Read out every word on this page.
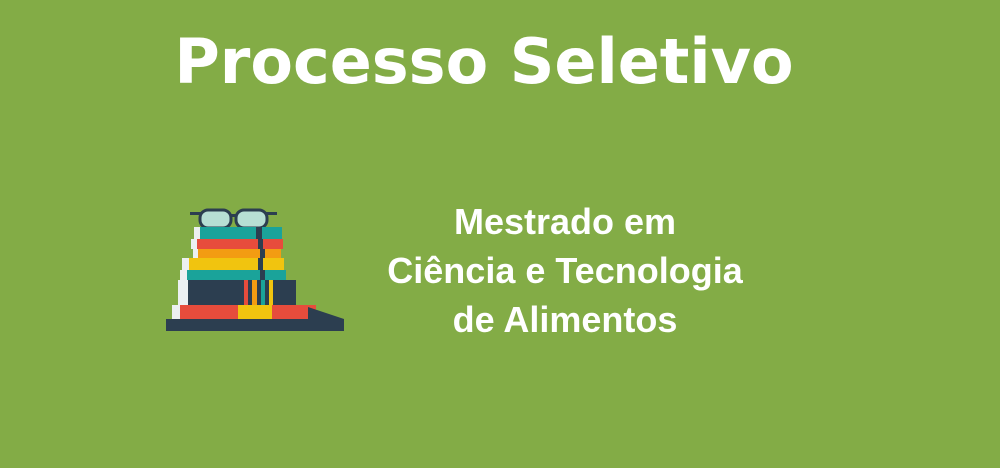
Processo Seletivo
Mestrado em
Ciência e Tecnologia
de Alimentos
